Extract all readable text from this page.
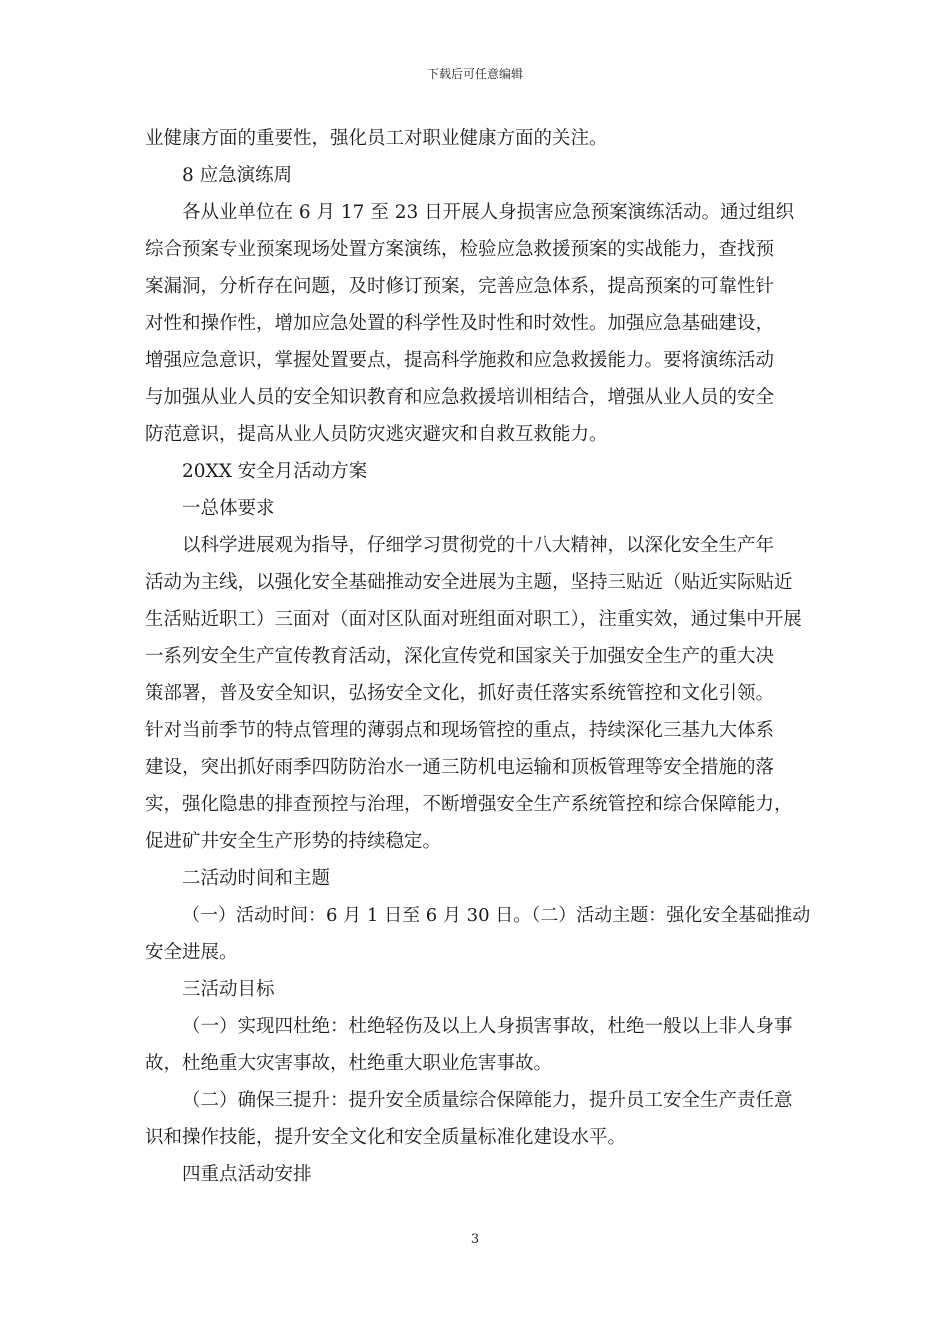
下载后可任意编辑
业健康方面的重要性，强化员工对职业健康方面的关注。
8 应急演练周
各从业单位在 6 月 17 至 23 日开展人身损害应急预案演练活动。通过组织
综合预案专业预案现场处置方案演练，检验应急救援预案的实战能力，查找预
案漏洞，分析存在问题，及时修订预案，完善应急体系，提高预案的可靠性针
对性和操作性，增加应急处置的科学性及时性和时效性。加强应急基础建设，
增强应急意识，掌握处置要点，提高科学施救和应急救援能力。要将演练活动
与加强从业人员的安全知识教育和应急救援培训相结合，增强从业人员的安全
防范意识，提高从业人员防灾逃灾避灾和自救互救能力。
20XX 安全月活动方案
一总体要求
以科学进展观为指导，仔细学习贯彻党的十八大精神，以深化安全生产年
活动为主线，以强化安全基础推动安全进展为主题，坚持三贴近（贴近实际贴近
生活贴近职工）三面对（面对区队面对班组面对职工），注重实效，通过集中开展
一系列安全生产宣传教育活动，深化宣传党和国家关于加强安全生产的重大决
策部署，普及安全知识，弘扬安全文化，抓好责任落实系统管控和文化引领。
针对当前季节的特点管理的薄弱点和现场管控的重点，持续深化三基九大体系
建设，突出抓好雨季四防防治水一通三防机电运输和顶板管理等安全措施的落
实，强化隐患的排查预控与治理，不断增强安全生产系统管控和综合保障能力，
促进矿井安全生产形势的持续稳定。
二活动时间和主题
（一）活动时间：6 月 1 日至 6 月 30 日。（二）活动主题：强化安全基础推动
安全进展。
三活动目标
（一）实现四杜绝：杜绝轻伤及以上人身损害事故，杜绝一般以上非人身事
故，杜绝重大灾害事故，杜绝重大职业危害事故。
（二）确保三提升：提升安全质量综合保障能力，提升员工安全生产责任意
识和操作技能，提升安全文化和安全质量标准化建设水平。
四重点活动安排
3
